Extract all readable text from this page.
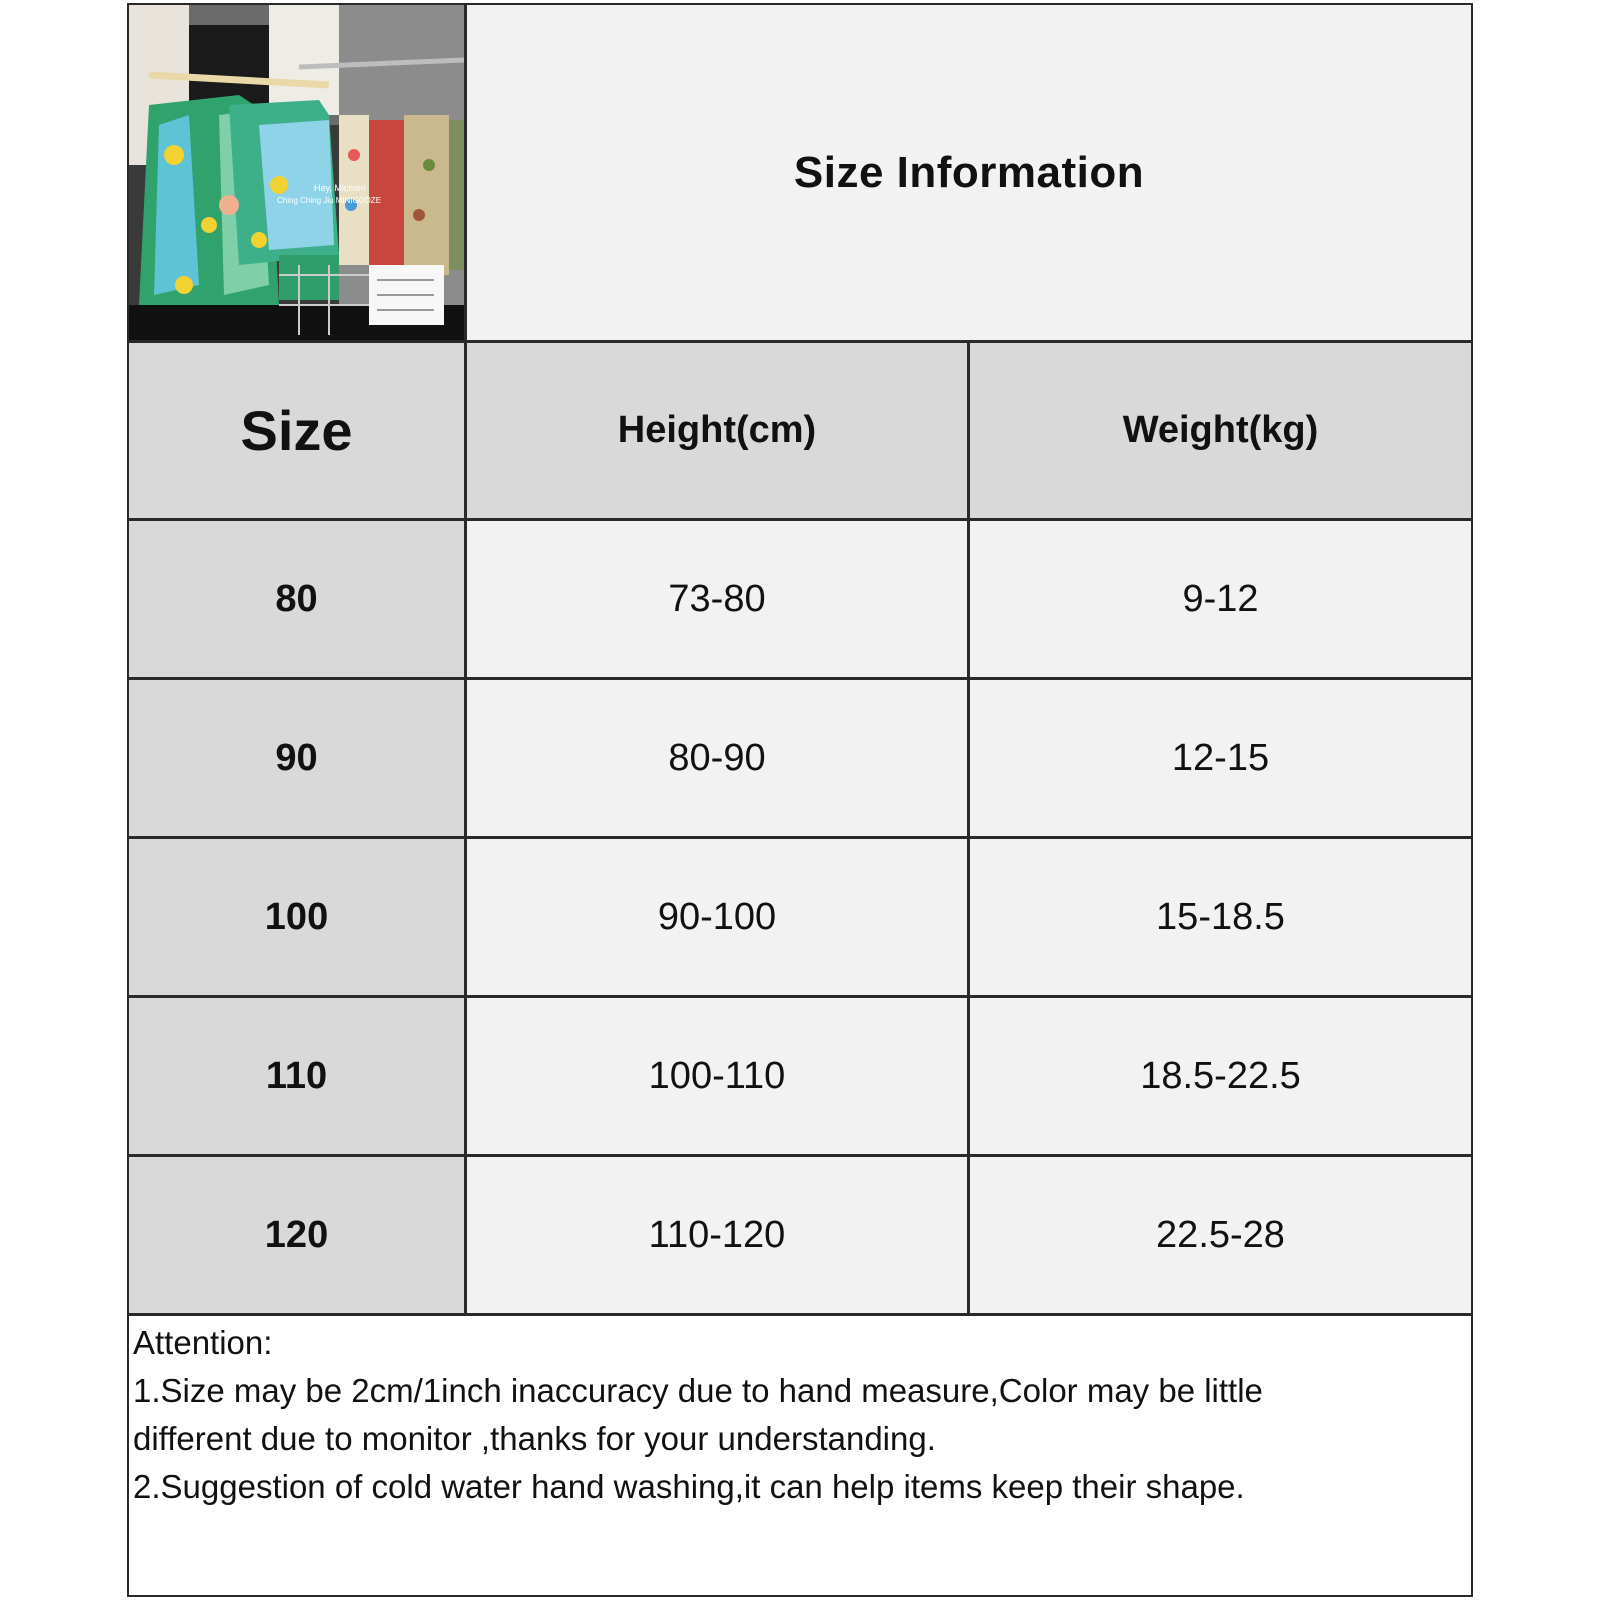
Hey, Micmeri
Ching Ching Jiu MINIGODZE
Size Information
Size	Height(cm)	Weight(kg)
80	73-80	9-12
90	80-90	12-15
100	90-100	15-18.5
110	100-110	18.5-22.5
120	110-120	22.5-28
Attention:
1.Size may be 2cm/1inch inaccuracy due to hand measure,Color may be little
different due to monitor ,thanks for your understanding.
2.Suggestion of cold water hand washing,it can help items keep their shape.
